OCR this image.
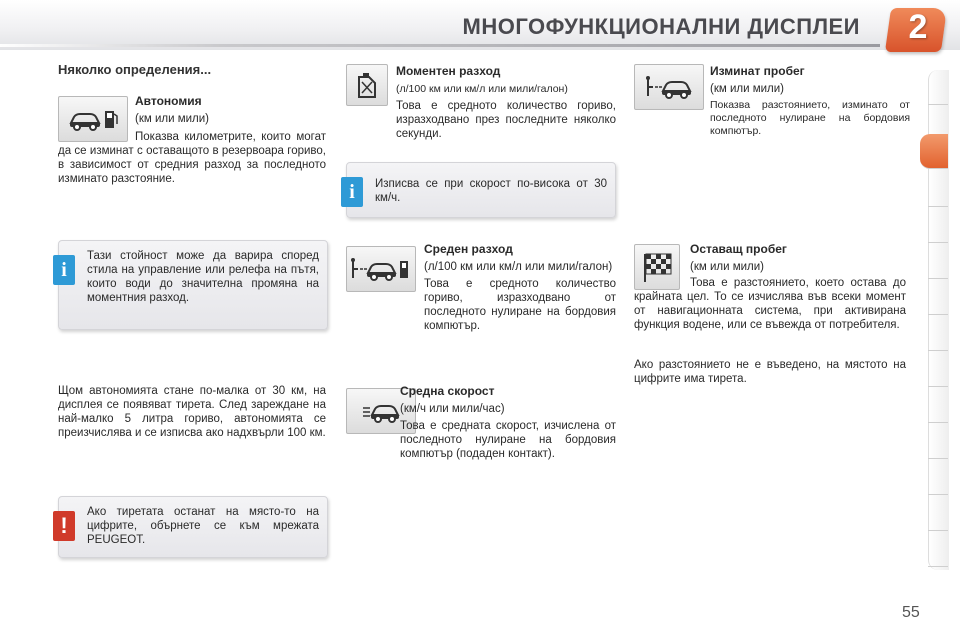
МНОГОФУНКЦИОНАЛНИ ДИСПЛЕИ	2
Няколко определения...
Автономия
(км или мили)
Показва километрите, които могат да се изминат с оставащото в резервоара гориво, в зависимост от средния разход за последното изминато разстояние.
i
Тази стойност може да варира според стила на управление или релефа на пътя, които води до значителна промяна на моментния разход.
Щом автономията стане по-малка от 30 км, на дисплея се появяват тирета. След зареждане на най-малко 5 литра гориво, автономията се преизчислява и се изписва ако надхвърли 100 км.
!
Ако тиретата останат на място-то на цифрите, обърнете се към мрежата PEUGEOT.
Моментен разход
(л/100 км или км/л или мили/галон)
Това е средното количество гориво, изразходвано през последните няколко секунди.
i	Изписва се при скорост по-висока от 30 км/ч.
Среден разход
(л/100 км или км/л или мили/галон)
Това е средното количество гориво, изразходвано от последното нулиране на бордовия компютър.
Средна скорост
(км/ч или мили/час)
Това е средната скорост, изчислена от последното нулиране на бордовия компютър (подаден контакт).
Изминат пробег
(км или мили)
Показва разстоянието, изминато от последното нулиране на бордовия компютър.
Оставащ пробег
(км или мили)
Това е разстоянието, което остава до крайната цел. То се изчислява във всеки момент от навигационната система, при активирана функция водене, или се въвежда от потребителя.
Ако разстоянието не е въведено, на мястото на цифрите има тирета.
55
